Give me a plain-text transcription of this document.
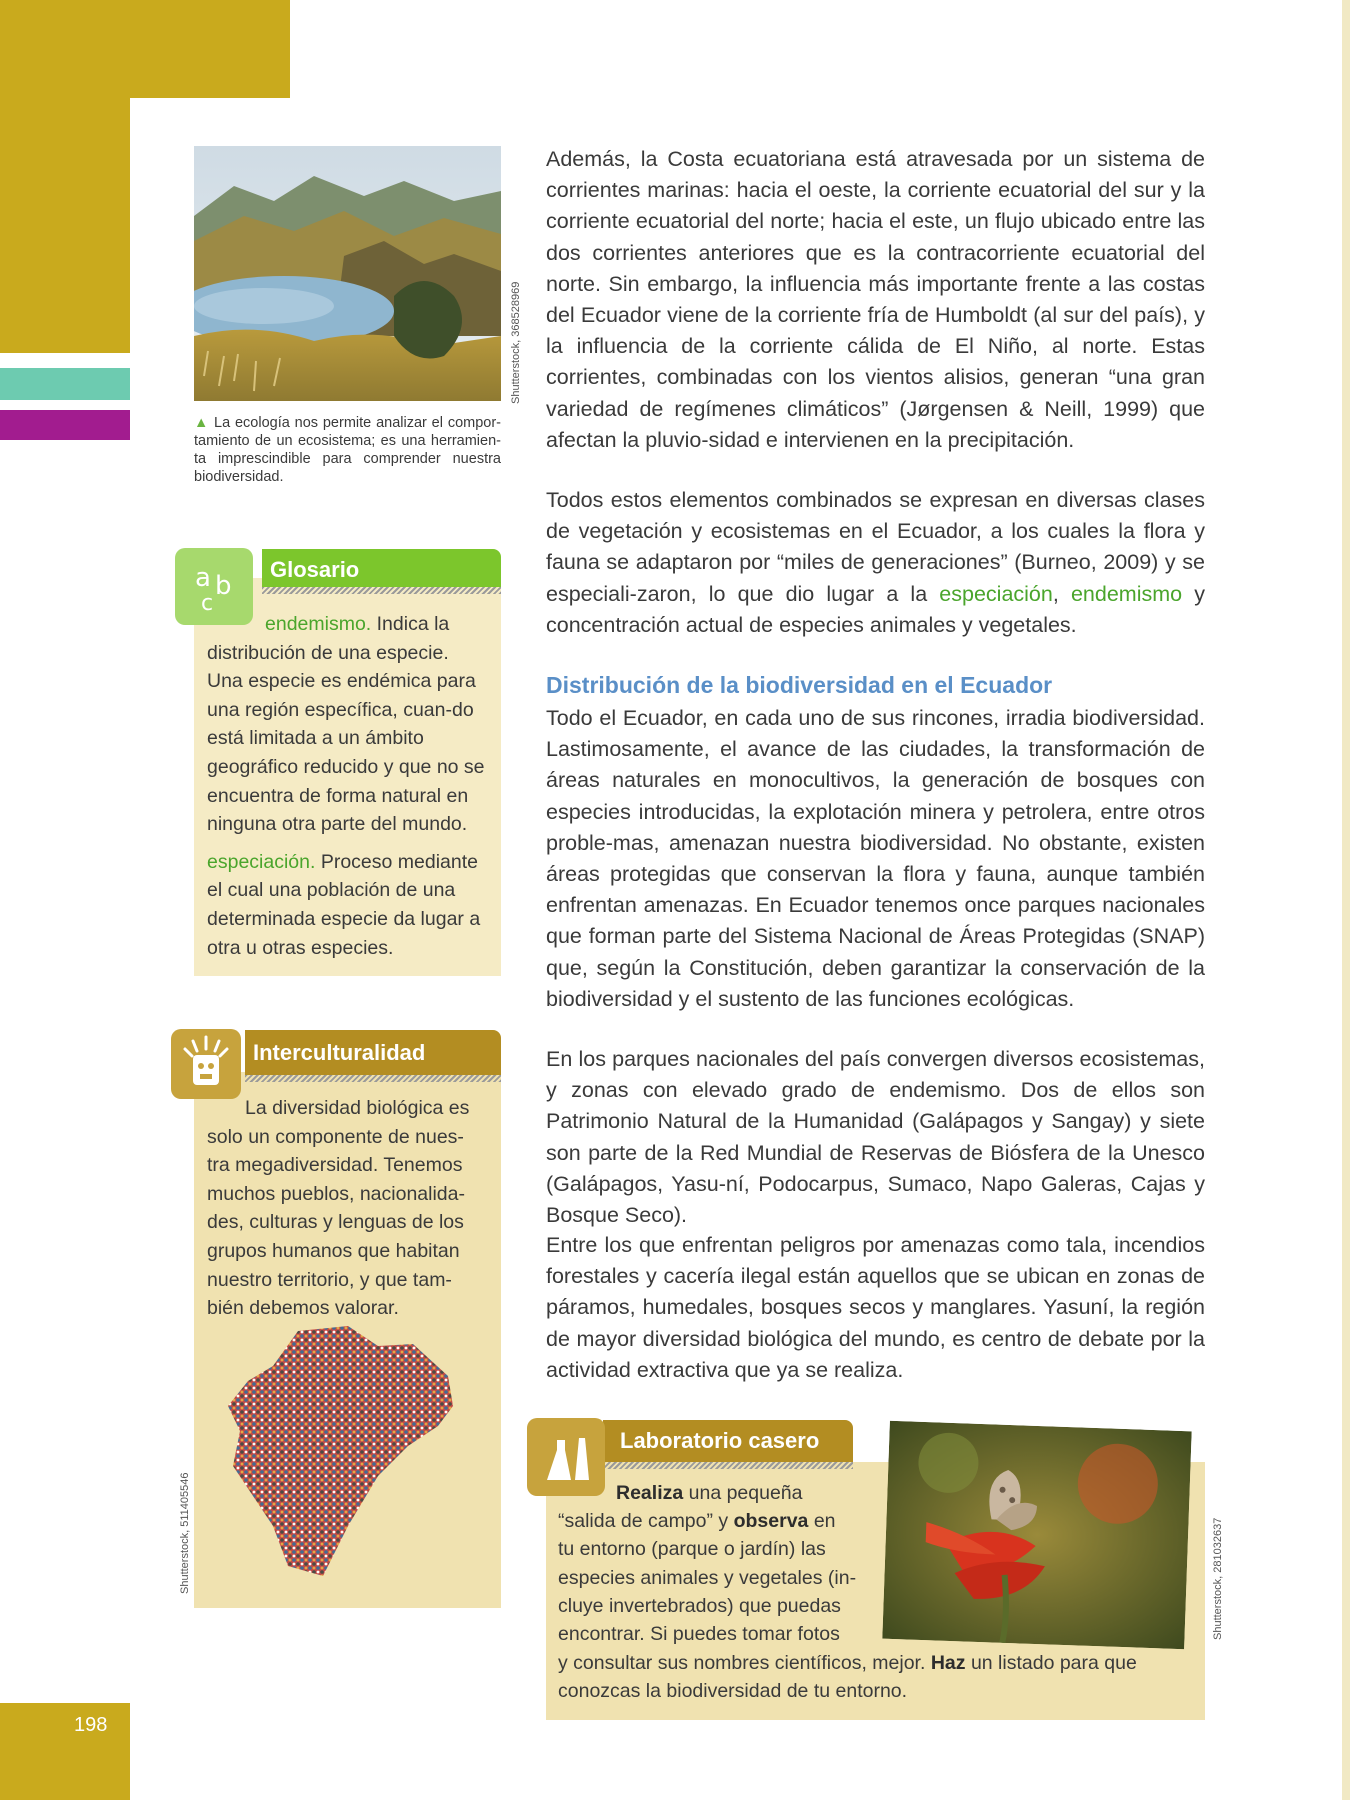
198
Shutterstock, 368528969
▲ La ecología nos permite analizar el compor-tamiento de un ecosistema; es una herramien-ta imprescindible para comprender nuestra biodiversidad.
Glosario
a b
c

endemismo. Indica la distribución de una especie. Una especie es endémica para una región específica, cuan-do está limitada a un ámbito geográfico reducido y que no se encuentra de forma natural en ninguna otra parte del mundo.

especiación. Proceso mediante el cual una población de una determinada especie da lugar a otra u otras especies.

Interculturalidad
La diversidad biológica es solo un componente de nues-tra megadiversidad. Tenemos muchos pueblos, nacionalida-des, culturas y lenguas de los grupos humanos que habitan nuestro territorio, y que tam-bién debemos valorar.
Shutterstock, 511405546

Además, la Costa ecuatoriana está atravesada por un sistema de corrientes marinas: hacia el oeste, la corriente ecuatorial del sur y la corriente ecuatorial del norte; hacia el este, un flujo ubicado entre las dos corrientes anteriores que es la contracorriente ecuatorial del norte. Sin embargo, la influencia más importante frente a las costas del Ecuador viene de la corriente fría de Humboldt (al sur del país), y la influencia de la corriente cálida de El Niño, al norte. Estas corrientes, combinadas con los vientos alisios, generan “una gran variedad de regímenes climáticos” (Jørgensen & Neill, 1999) que afectan la pluvio-sidad e intervienen en la precipitación.

Todos estos elementos combinados se expresan en diversas clases de vegetación y ecosistemas en el Ecuador, a los cuales la flora y fauna se adaptaron por “miles de generaciones” (Burneo, 2009) y se especiali-zaron, lo que dio lugar a la especiación, endemismo y concentración actual de especies animales y vegetales.

Distribución de la biodiversidad en el Ecuador

Todo el Ecuador, en cada uno de sus rincones, irradia biodiversidad. Lastimosamente, el avance de las ciudades, la transformación de áreas naturales en monocultivos, la generación de bosques con especies introducidas, la explotación minera y petrolera, entre otros proble-mas, amenazan nuestra biodiversidad. No obstante, existen áreas protegidas que conservan la flora y fauna, aunque también enfrentan amenazas. En Ecuador tenemos once parques nacionales que forman parte del Sistema Nacional de Áreas Protegidas (SNAP) que, según la Constitución, deben garantizar la conservación de la biodiversidad y el sustento de las funciones ecológicas.

En los parques nacionales del país convergen diversos ecosistemas, y zonas con elevado grado de endemismo. Dos de ellos son Patrimonio Natural de la Humanidad (Galápagos y Sangay) y siete son parte de la Red Mundial de Reservas de Biósfera de la Unesco (Galápagos, Yasu-ní, Podocarpus, Sumaco, Napo Galeras, Cajas y Bosque Seco).

Entre los que enfrentan peligros por amenazas como tala, incendios forestales y cacería ilegal están aquellos que se ubican en zonas de páramos, humedales, bosques secos y manglares. Yasuní, la región de mayor diversidad biológica del mundo, es centro de debate por la actividad extractiva que ya se realiza.

Laboratorio casero
Shutterstock, 281032637
Realiza una pequeña
“salida de campo” y observa en
tu entorno (parque o jardín) las
especies animales y vegetales (in-
cluye invertebrados) que puedas
encontrar. Si puedes tomar fotos
y consultar sus nombres científicos, mejor. Haz un listado para que
conozcas la biodiversidad de tu entorno.
